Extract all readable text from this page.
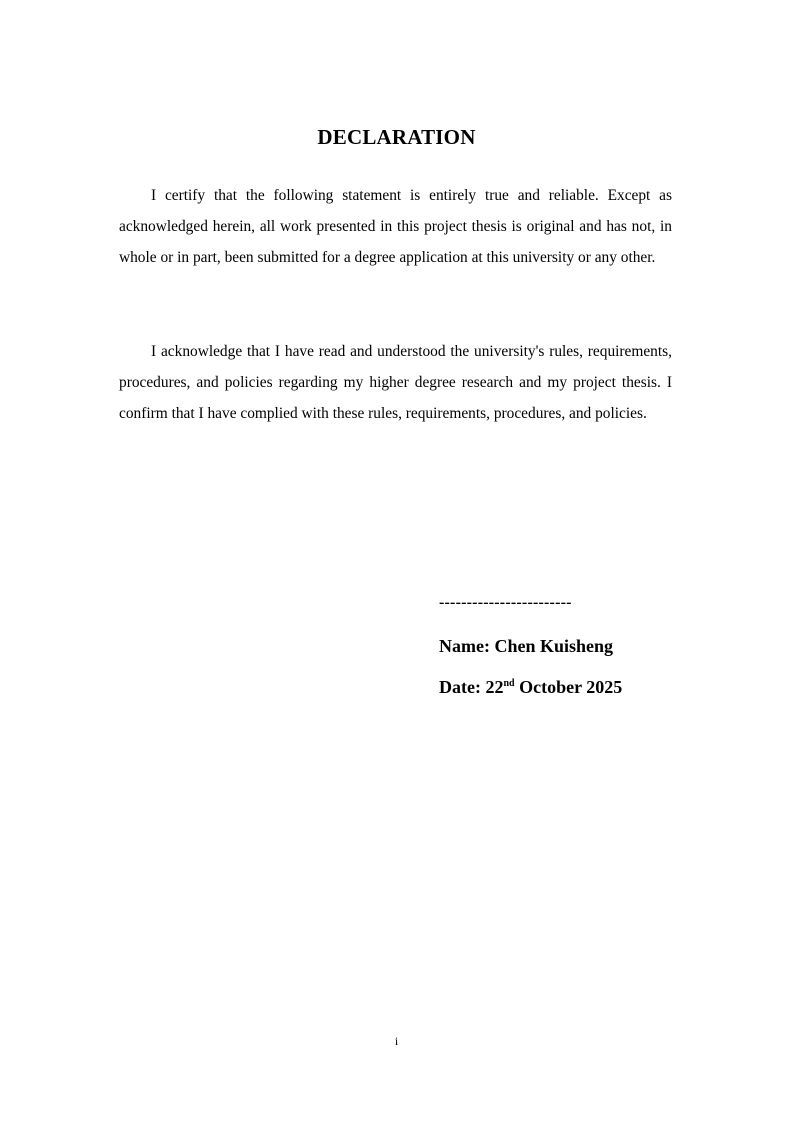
DECLARATION

I certify that the following statement is entirely true and reliable. Except as acknowledged herein, all work presented in this project thesis is original and has not, in whole or in part, been submitted for a degree application at this university or any other.

I acknowledge that I have read and understood the university's rules, requirements, procedures, and policies regarding my higher degree research and my project thesis. I confirm that I have complied with these rules, requirements, procedures, and policies.

------------------------
Name: Chen Kuisheng
Date: 22nd October 2025
i
